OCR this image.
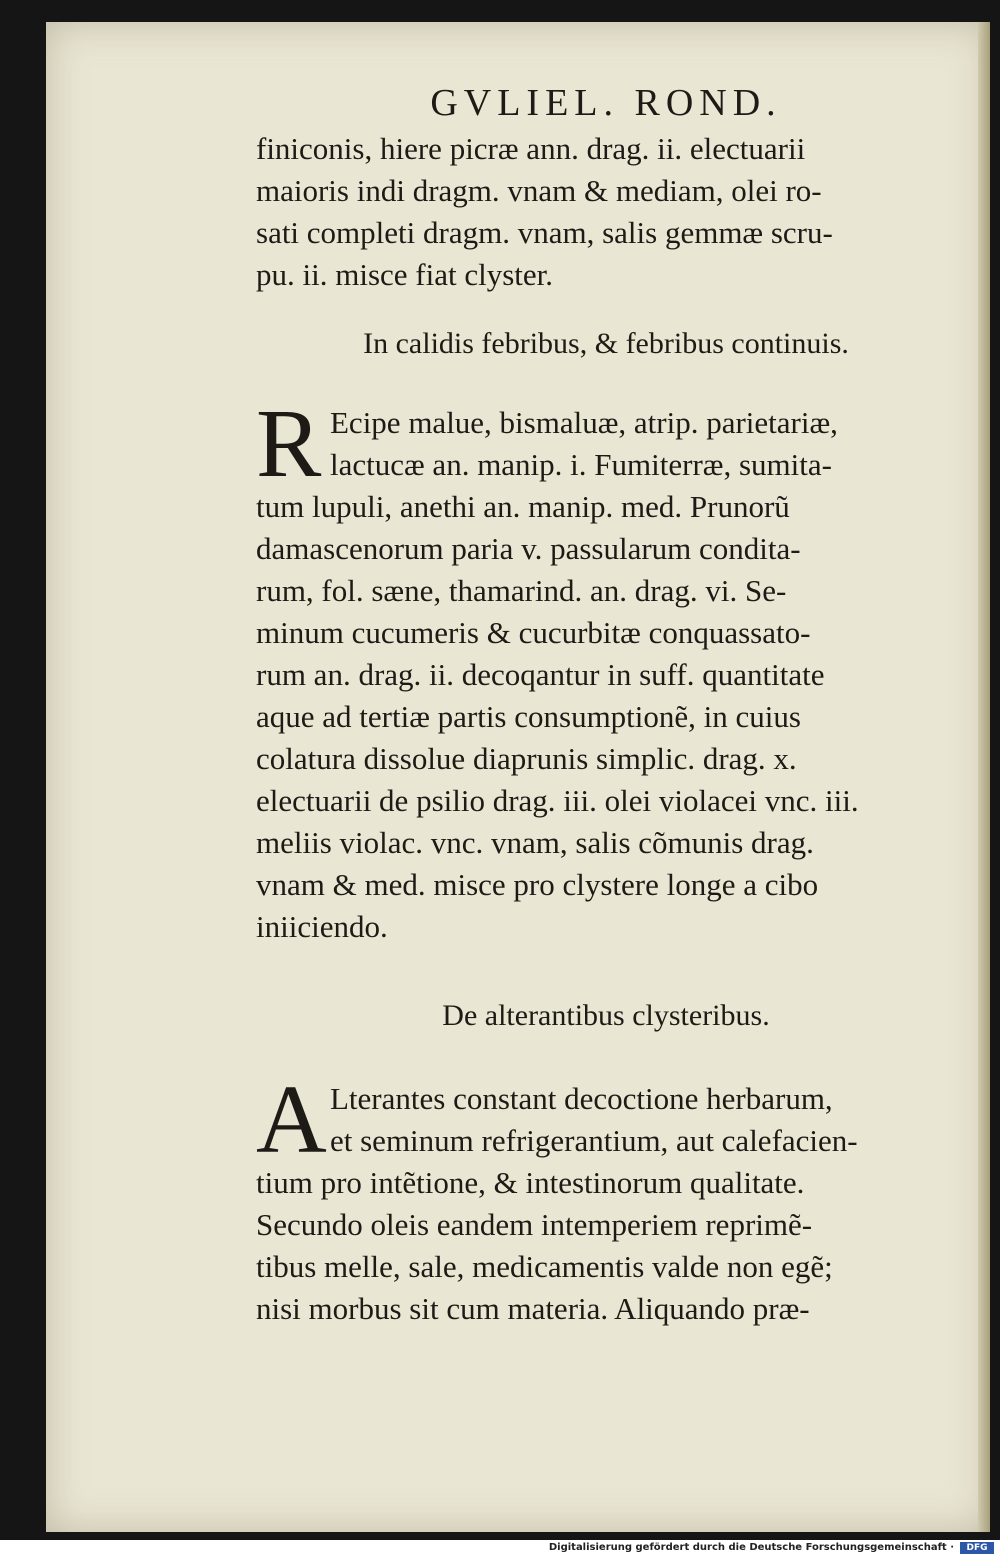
GVLIEL. ROND.
finiconis, hiere picræ ann. drag. ii. electuarii
maioris indi dragm. vnam & mediam, olei ro-
sati completi dragm. vnam, salis gemmæ scru-
pu. ii. misce fiat clyster.
In calidis febribus, & febribus continuis.
R Ecipe malue, bismaluæ, atrip. parietariæ,
lactucæ an. manip. i. Fumiterræ, sumita-
tum lupuli, anethi an. manip. med. Prunorũ
damascenorum paria v. passularum condita-
rum, fol. sæne, thamarind. an. drag. vi. Se-
minum cucumeris & cucurbitæ conquassato-
rum an. drag. ii. decoqantur in suff. quantitate
aque ad tertiæ partis consumptionẽ, in cuius
colatura dissolue diaprunis simplic. drag. x.
electuarii de psilio drag. iii. olei violacei vnc. iii.
meliis violac. vnc. vnam, salis cõmunis drag.
vnam & med. misce pro clystere longe a cibo
iniiciendo.
De alterantibus clysteribus.
A Lterantes constant decoctione herbarum,
et seminum refrigerantium, aut calefacien-
tium pro intẽtione, & intestinorum qualitate.
Secundo oleis eandem intemperiem reprimẽ-
tibus melle, sale, medicamentis valde non egẽ;
nisi morbus sit cum materia. Aliquando præ-
Digitalisierung gefördert durch die Deutsche Forschungsgemeinschaft ·	DFG
